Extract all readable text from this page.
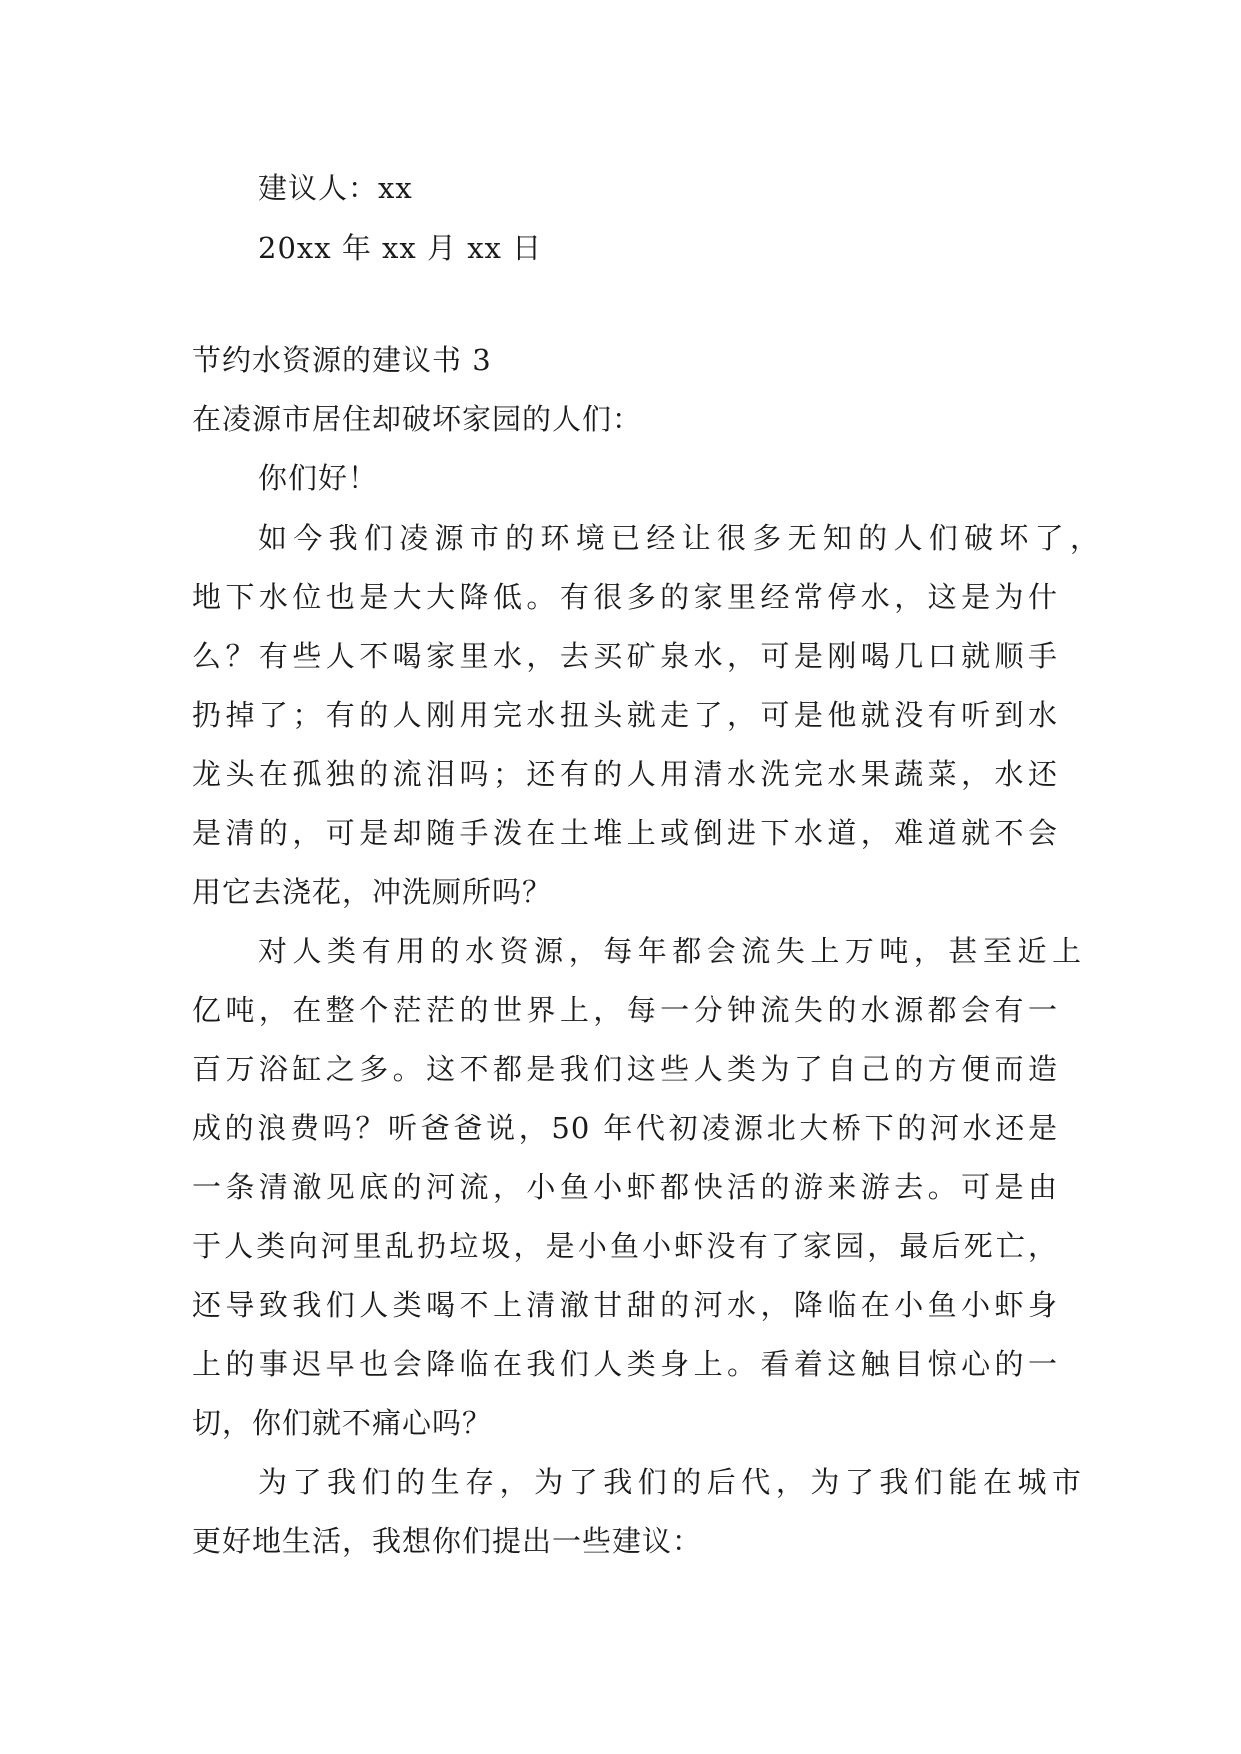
建议人：xx
20xx 年 xx 月 xx 日
节约水资源的建议书 3
在凌源市居住却破坏家园的人们：
你们好！
如今我们凌源市的环境已经让很多无知的人们破坏了，
地下水位也是大大降低。有很多的家里经常停水，这是为什
么？有些人不喝家里水，去买矿泉水，可是刚喝几口就顺手
扔掉了；有的人刚用完水扭头就走了，可是他就没有听到水
龙头在孤独的流泪吗；还有的人用清水洗完水果蔬菜，水还
是清的，可是却随手泼在土堆上或倒进下水道，难道就不会
用它去浇花，冲洗厕所吗？
对人类有用的水资源，每年都会流失上万吨，甚至近上
亿吨，在整个茫茫的世界上，每一分钟流失的水源都会有一
百万浴缸之多。这不都是我们这些人类为了自己的方便而造
成的浪费吗？听爸爸说，50 年代初凌源北大桥下的河水还是
一条清澈见底的河流，小鱼小虾都快活的游来游去。可是由
于人类向河里乱扔垃圾，是小鱼小虾没有了家园，最后死亡，
还导致我们人类喝不上清澈甘甜的河水，降临在小鱼小虾身
上的事迟早也会降临在我们人类身上。看着这触目惊心的一
切，你们就不痛心吗？
为了我们的生存，为了我们的后代，为了我们能在城市
更好地生活，我想你们提出一些建议：
